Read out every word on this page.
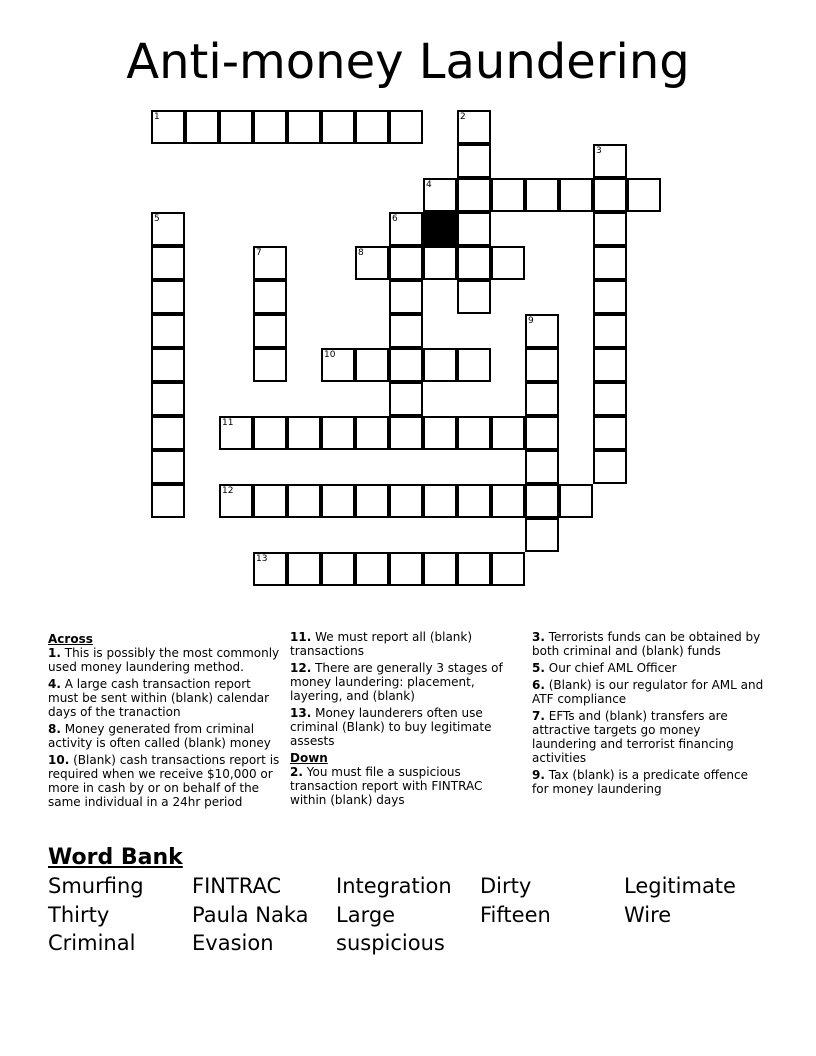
Anti-money Laundering
1	2
3
4
5	6
7	8
9
10
11
12
13
Across
1. This is possibly the most commonly used money laundering method.
4. A large cash transaction report must be sent within (blank) calendar days of the tranaction
8. Money generated from criminal activity is often called (blank) money
10. (Blank) cash transactions report is required when we receive $10,000 or more in cash by or on behalf of the same individual in a 24hr period
11. We must report all (blank) transactions
12. There are generally 3 stages of money laundering: placement, layering, and (blank)
13. Money launderers often use criminal (Blank) to buy legitimate assests
Down
2. You must file a suspicious transaction report with FINTRAC within (blank) days
3. Terrorists funds can be obtained by both criminal and (blank) funds
5. Our chief AML Officer
6. (Blank) is our regulator for AML and ATF compliance
7. EFTs and (blank) transfers are attractive targets go money laundering and terrorist financing activities
9. Tax (blank) is a predicate offence for money laundering
Word Bank
Smurfing	FINTRAC	Integration	Dirty	Legitimate
Thirty	Paula Naka	Large	Fifteen	Wire
Criminal	Evasion	suspicious
